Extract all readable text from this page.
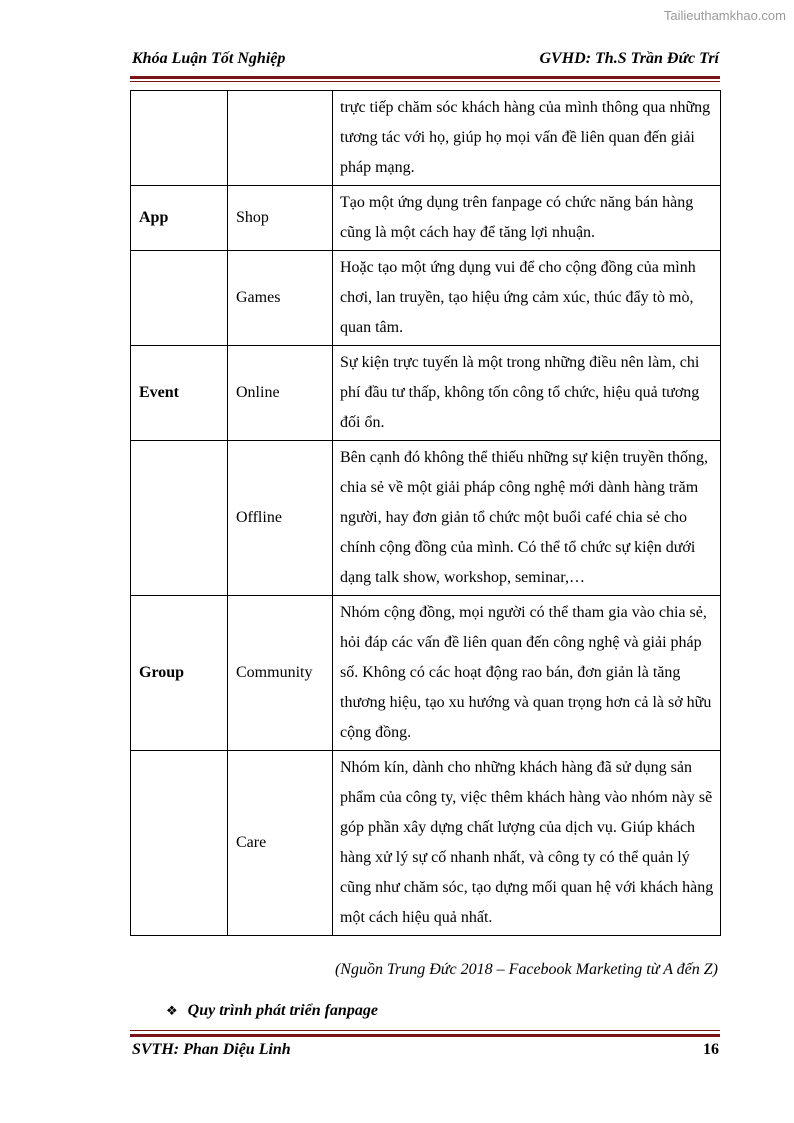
Tailieuthamkhao.com
Khóa Luận Tốt Nghiệp	GVHD: Th.S Trần Đức Trí
		trực tiếp chăm sóc khách hàng của mình thông qua những tương tác với họ, giúp họ mọi vấn đề liên quan đến giải pháp mạng.
App	Shop	Tạo một ứng dụng trên fanpage có chức năng bán hàng cũng là một cách hay để tăng lợi nhuận.
	Games	Hoặc tạo một ứng dụng vui để cho cộng đồng của mình chơi, lan truyền, tạo hiệu ứng cảm xúc, thúc đẩy tò mò, quan tâm.
Event	Online	Sự kiện trực tuyến là một trong những điều nên làm, chi phí đầu tư thấp, không tốn công tổ chức, hiệu quả tương đối ổn.
	Offline	Bên cạnh đó không thể thiếu những sự kiện truyền thống, chia sẻ về một giải pháp công nghệ mới dành hàng trăm người, hay đơn giản tổ chức một buổi café chia sẻ cho chính cộng đồng của mình. Có thể tổ chức sự kiện dưới dạng talk show, workshop, seminar,…
Group	Community	Nhóm cộng đồng, mọi người có thể tham gia vào chia sẻ, hỏi đáp các vấn đề liên quan đến công nghệ và giải pháp số. Không có các hoạt động rao bán, đơn giản là tăng thương hiệu, tạo xu hướng và quan trọng hơn cả là sở hữu cộng đồng.
	Care	Nhóm kín, dành cho những khách hàng đã sử dụng sản phẩm của công ty, việc thêm khách hàng vào nhóm này sẽ góp phần xây dựng chất lượng của dịch vụ. Giúp khách hàng xử lý sự cố nhanh nhất, và công ty có thể quản lý cũng như chăm sóc, tạo dựng mối quan hệ với khách hàng một cách hiệu quả nhất.
(Nguồn Trung Đức 2018 – Facebook Marketing từ A đến Z)
❖ Quy trình phát triển fanpage
SVTH: Phan Diệu Linh	16
